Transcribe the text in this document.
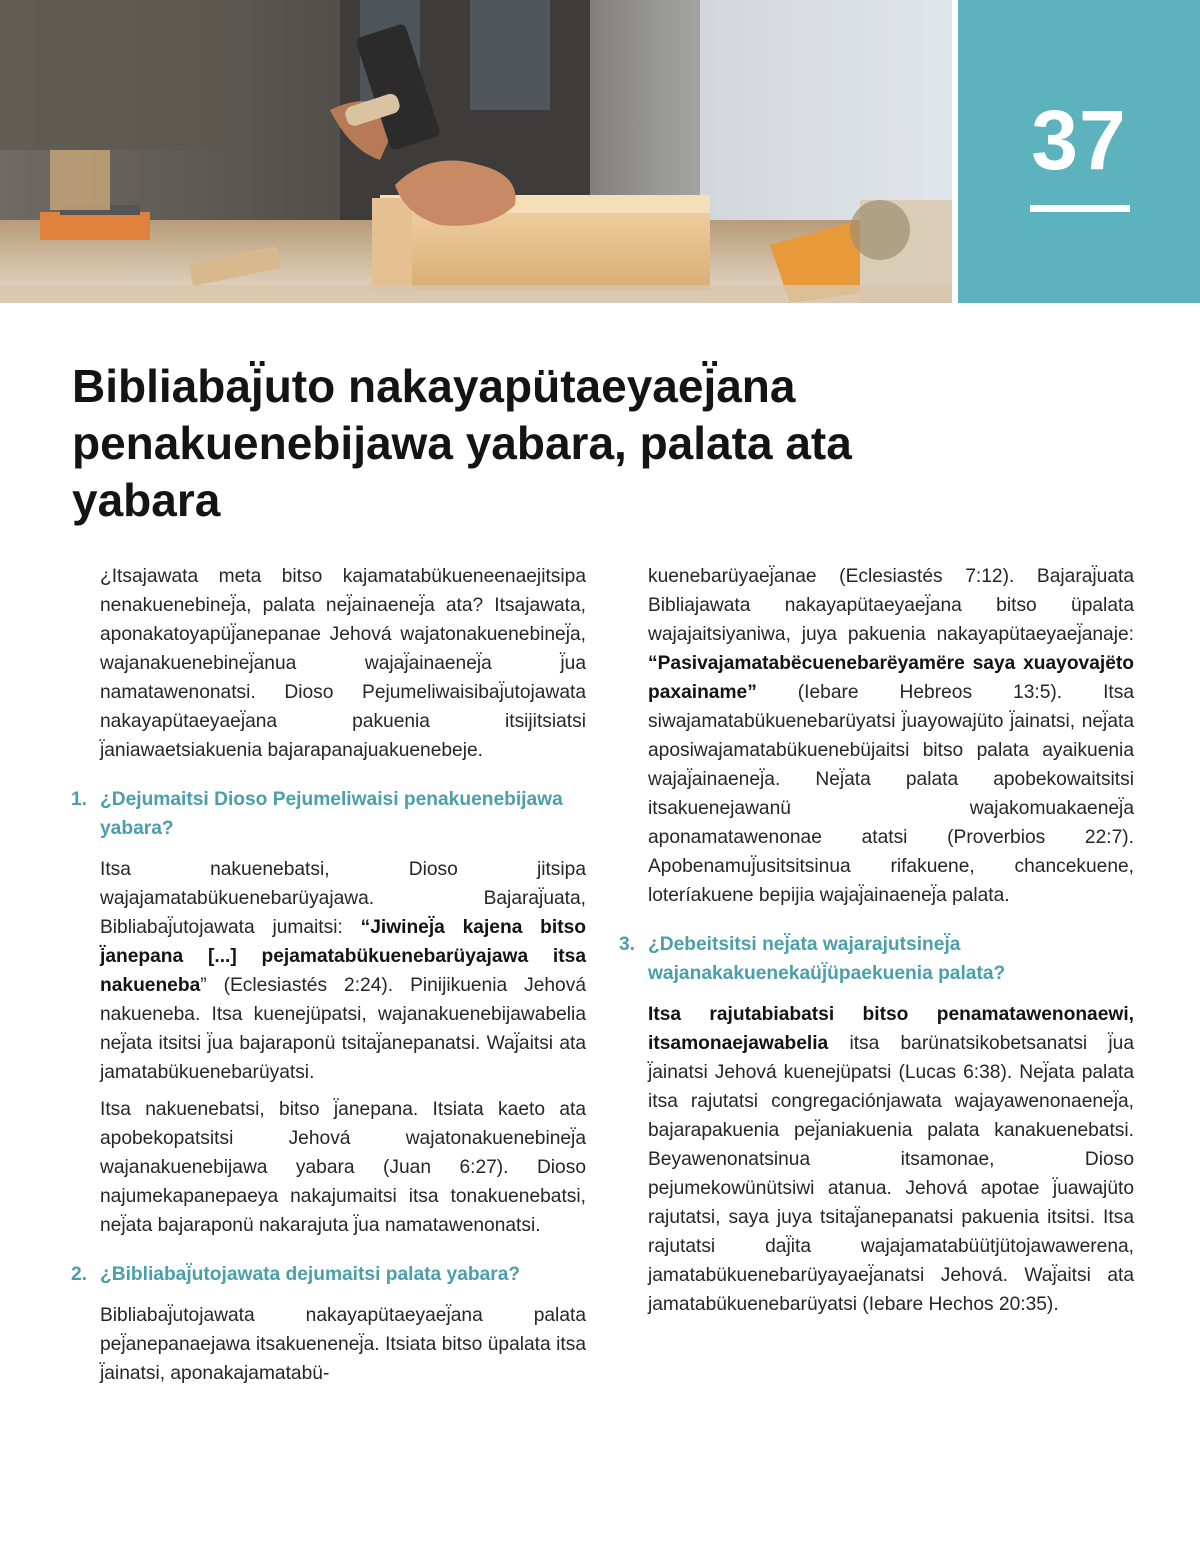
37
Bibliabaj̈uto nakayapütaeyaej̈ana penakuenebijawa yabara, palata ata yabara

¿Itsajawata meta bitso kajamatabükueneenaejitsipa nenakuenebinej̈a, palata nej̈ainaenej̈a ata? Itsajawata, aponakatoyapüj̈anepanae Jehová wajatonakuenebinej̈a, wajanakuenebinej̈anua wajaj̈ainaenej̈a j̈ua namatawenonatsi. Dioso Pejumeliwaisibaj̈utojawata nakayapütaeyaej̈ana pakuenia itsijitsiatsi j̈aniawaetsiakuenia bajarapanajuakuenebeje.

1. ¿Dejumaitsi Dioso Pejumeliwaisi penakuenebijawa yabara?

Itsa nakuenebatsi, Dioso jitsipa wajajamatabükuenebarüyajawa. Bajaraj̈uata, Bibliabaj̈utojawata jumaitsi: “Jiwinej̈a kajena bitso j̈anepana [...] pejamatabükuenebarüyajawa itsa nakueneba” (Eclesiastés 2:24). Pinijikuenia Jehová nakueneba. Itsa kuenejüpatsi, wajanakuenebijawabelia nej̈ata itsitsi j̈ua bajaraponü tsitaj̈anepanatsi. Waj̈aitsi ata jamatabükuenebarüyatsi.

Itsa nakuenebatsi, bitso j̈anepana. Itsiata kaeto ata apobekopatsitsi Jehová wajatonakuenebinej̈a wajanakuenebijawa yabara (Juan 6:27). Dioso najumekapanepaeya nakajumaitsi itsa tonakuenebatsi, nej̈ata bajaraponü nakarajuta j̈ua namatawenonatsi.

2. ¿Bibliabaj̈utojawata dejumaitsi palata yabara?

Bibliabaj̈utojawata nakayapütaeyaej̈ana palata pej̈anepanaejawa itsakuenenej̈a. Itsiata bitso üpalata itsa j̈ainatsi, aponakajamatabü-

kuenebarüyaej̈anae (Eclesiastés 7:12). Bajaraj̈uata Bibliajawata nakayapütaeyaej̈ana bitso üpalata wajajaitsiyaniwa, juya pakuenia nakayapütaeyaej̈anaje: “Pasivajamatabëcuenebarëyamëre saya xuayovajëto paxainame” (Iebare Hebreos 13:5). Itsa siwajamatabükuenebarüyatsi j̈uayowajüto j̈ainatsi, nej̈ata aposiwajamatabükuenebüjaitsi bitso palata ayaikuenia wajaj̈ainaenej̈a. Nej̈ata palata apobekowaitsitsi itsakuenejawanü wajakomuakaenej̈a aponamatawenonae atatsi (Proverbios 22:7). Apobenamuj̈usitsitsinua rifakuene, chancekuene, loteríakuene bepijia wajaj̈ainaenej̈a palata.

3. ¿Debeitsitsi nej̈ata wajarajutsinej̈a wajanakakuenekaüj̈üpaekuenia palata?

Itsa rajutabiabatsi bitso penamatawenonaewi, itsamonaejawabelia itsa barünatsikobetsanatsi j̈ua j̈ainatsi Jehová kuenejüpatsi (Lucas 6:38). Nej̈ata palata itsa rajutatsi congregaciónjawata wajayawenonaenej̈a, bajarapakuenia pej̈aniakuenia palata kanakuenebatsi. Beyawenonatsinua itsamonae, Dioso pejumekowünütsiwi atanua. Jehová apotae j̈uawajüto rajutatsi, saya juya tsitaj̈anepanatsi pakuenia itsitsi. Itsa rajutatsi daj̈ita wajajamatabüütjütojawawerena, jamatabükuenebarüyayaej̈anatsi Jehová. Waj̈aitsi ata jamatabükuenebarüyatsi (Iebare Hechos 20:35).
